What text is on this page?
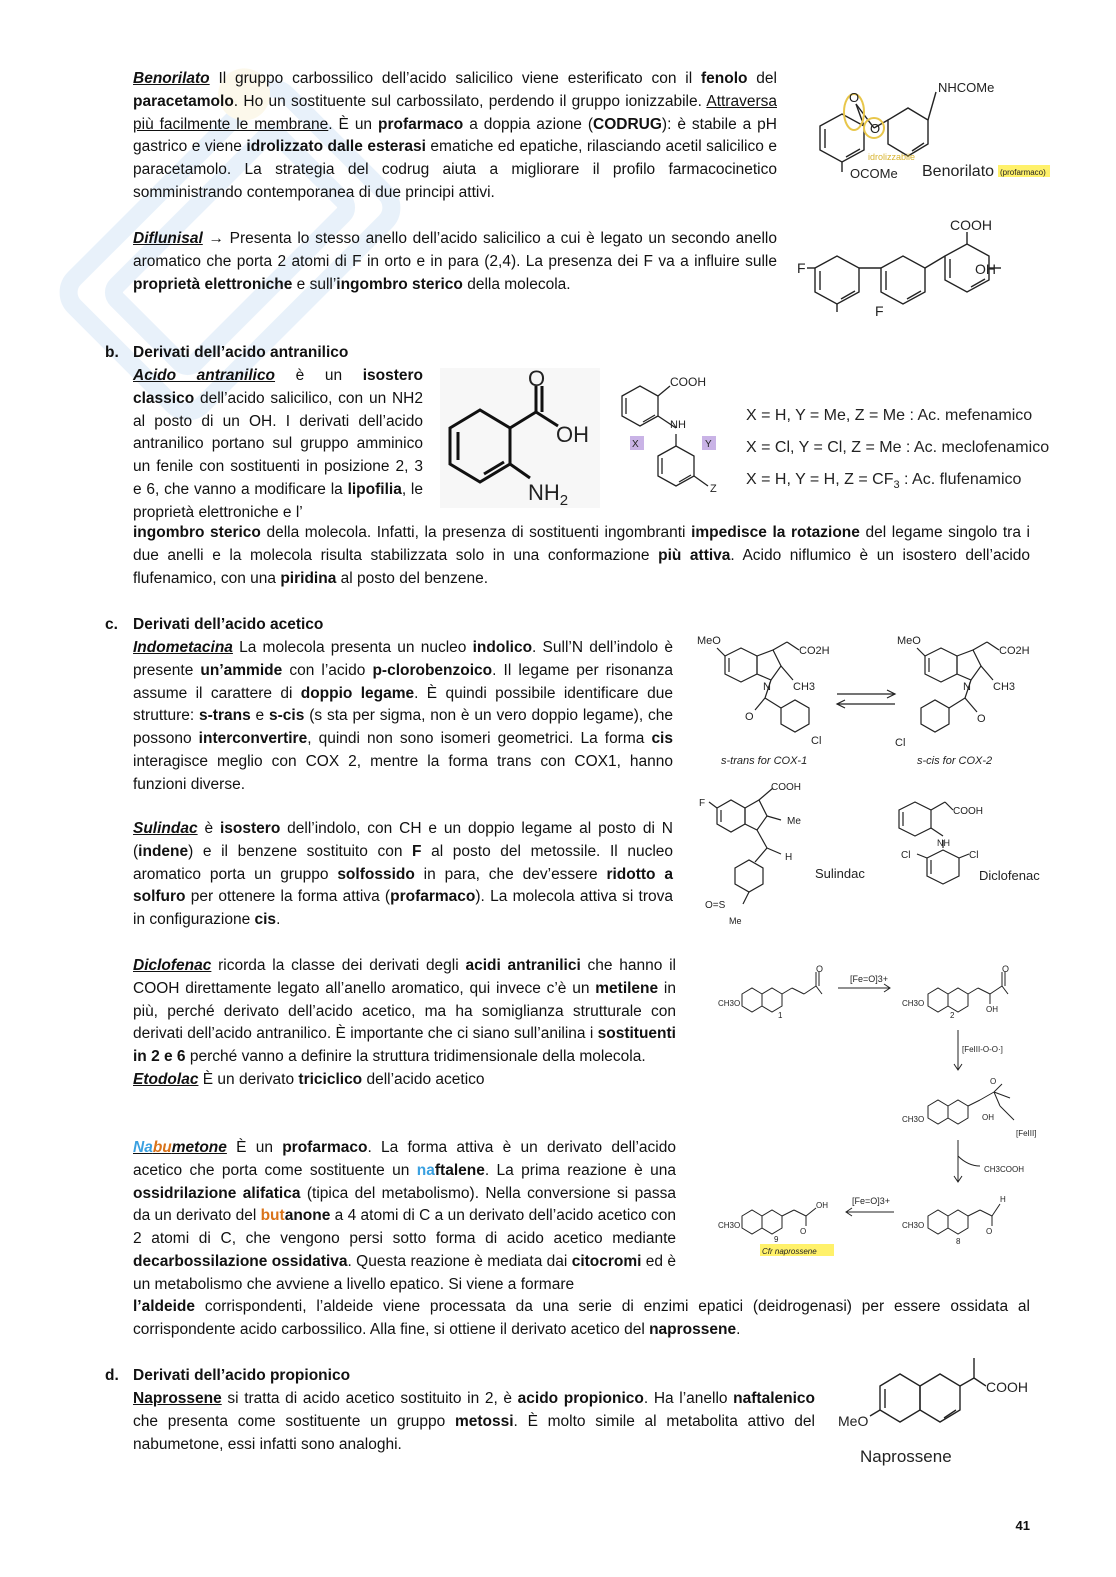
Benorilato Il gruppo carbossilico dell’acido salicilico viene esterificato con il fenolo del paracetamolo. Ho un sostituente sul carbossilato, perdendo il gruppo ionizzabile. Attraversa più facilmente le membrane. È un profarmaco a doppia azione (CODRUG): è stabile a pH gastrico e viene idrolizzato dalle esterasi ematiche ed epatiche, rilasciando acetil salicilico e paracetamolo. La strategia del codrug aiuta a migliorare il profilo farmacocinetico somministrando contemporanea di due principi attivi.

O
O
NHCOMe
OCOMe
idrolizzabile
Benorilato (profarmaco)

Diflunisal → Presenta lo stesso anello dell’acido salicilico a cui è legato un secondo anello aromatico che porta 2 atomi di F in orto e in para (2,4). La presenza dei F va a influire sulle proprietà elettroniche e sull’ingombro sterico della molecola.

COOH
OH
F
F
b. Derivati dell’acido antranilico

Acido antranilico è un isostero classico dell’acido salicilico, con un NH2 al posto di un OH. I derivati dell’acido antranilico portano sul gruppo amminico un fenile con sostituenti in posizione 2, 3 e 6, che vanno a modificare la lipofilia, le proprietà elettroniche e l’

ingombro sterico della molecola. Infatti, la presenza di sostituenti ingombranti impedisce la rotazione del legame singolo tra i due anelli e la molecola risulta stabilizzata solo in una conformazione più attiva. Acido niflumico è un isostero dell’acido flufenamico, con una piridina al posto del benzene.

O
OH
$NH_2$
COOH
NH
X	Y
Z
X = H, Y = Me, Z = Me : Ac. mefenamico
X = Cl, Y = Cl, Z = Me : Ac. meclofenamico
X = H, Y = H, $Z = CF_3$ : Ac. flufenamico
c. Derivati dell’acido acetico

Indometacina La molecola presenta un nucleo indolico. Sull’N dell’indolo è presente un’ammide con l’acido p-clorobenzoico. Il legame per risonanza assume il carattere di doppio legame. È quindi possibile identificare due strutture: s-trans e s-cis (s sta per sigma, non è un vero doppio legame), che possono interconvertire, quindi non sono isomeri geometrici. La forma cis interagisce meglio con COX 2, mentre la forma trans con COX1, hanno funzioni diverse.

MeO
CO2H
N CH3
O
Cl
s-trans for COX-1
MeO
CO2H
N CH3
O
Cl
s-cis for COX-2

Sulindac è isostero dell’indolo, con CH e un doppio legame al posto di N (indene) e il benzene sostituito con F al posto del metossile. Il nucleo aromatico porta un gruppo solfossido in para, che dev’essere ridotto a solfuro per ottenere la forma attiva (profarmaco). La molecola attiva si trova in configurazione cis.

COOH
Me
H
F
O=S
Me
Sulindac
COOH
NH
Cl	Cl
Diclofenac

Diclofenac ricorda la classe dei derivati degli acidi antranilici che hanno il COOH direttamente legato all’anello aromatico, qui invece c’è un metilene in più, perché derivato dell’acido acetico, ma ha somiglianza strutturale con derivati dell’acido antranilico. È importante che ci siano sull’anilina i sostituenti in 2 e 6 perché vanno a definire la struttura tridimensionale della molecola.

Etodolac È un derivato triciclico dell’acido acetico

CH3O
1
O
[Fe=O]3+
CH3O
2
OH
O
[FeIII-O-O·]
CH3O
O
OH
[FeIII]
CH3COOH
CH3O
H
O
8
[Fe=O]3+
CH3O
OH
O
9
Cfr naprossene

Nabumetone È un profarmaco. La forma attiva è un derivato dell’acido acetico che porta come sostituente un naftalene. La prima reazione è una ossidrilazione alifatica (tipica del metabolismo). Nella conversione si passa da un derivato del butanone a 4 atomi di C a un derivato dell’acido acetico con 2 atomi di C, che vengono persi sotto forma di acido acetico mediante decarbossilazione ossidativa. Questa reazione è mediata dai citocromi ed è un metabolismo che avviene a livello epatico. Si viene a formare

l’aldeide corrispondenti, l’aldeide viene processata da una serie di enzimi epatici (deidrogenasi) per essere ossidata al corrispondente acido carbossilico. Alla fine, si ottiene il derivato acetico del naprossene.

d. Derivati dell’acido propionico

Naprossene si tratta di acido acetico sostituito in 2, è acido propionico. Ha l’anello naftalenico che presenta come sostituente un gruppo metossi. È molto simile al metabolita attivo del nabumetone, essi infatti sono analoghi.

COOH
MeO
Naprossene
41
